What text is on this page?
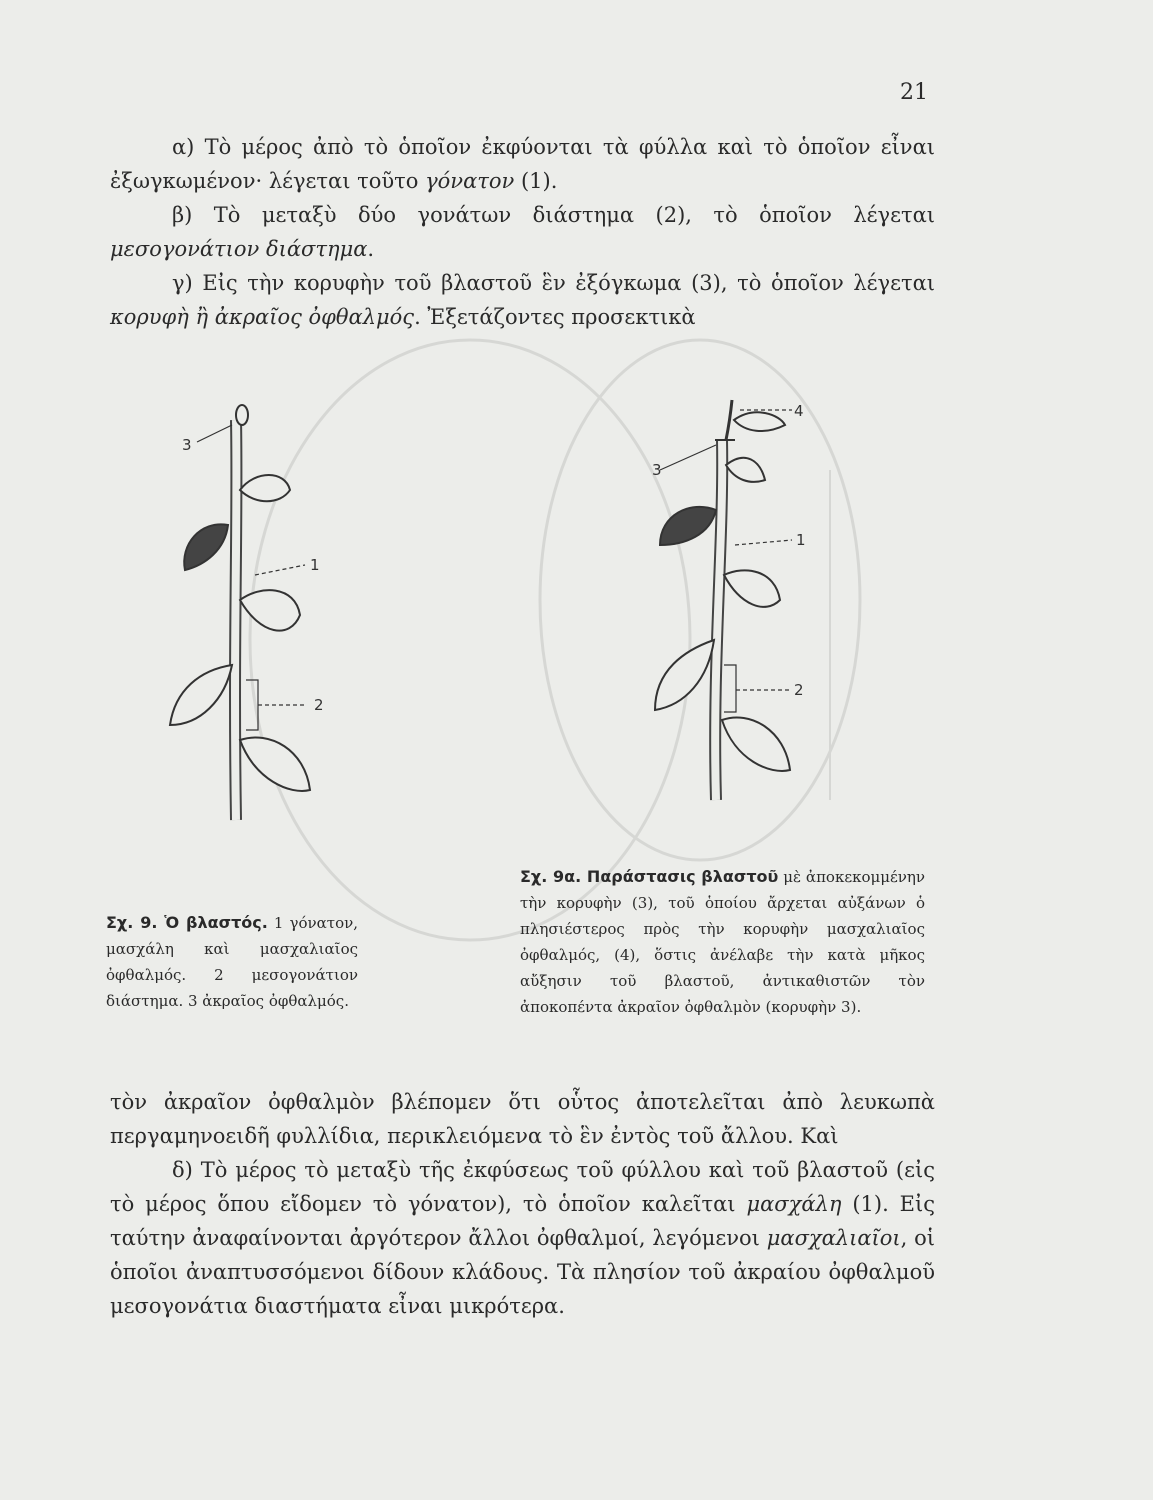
21

α) Τὸ μέρος ἀπὸ τὸ ὁποῖον ἐκφύονται τὰ φύλλα καὶ τὸ ὁποῖον εἶναι ἐξωγκωμένον· λέγεται τοῦτο γόνατον (1).

β) Τὸ μεταξὺ δύο γονάτων διάστημα (2), τὸ ὁποῖον λέγεται μεσογονάτιον διάστημα.

γ) Εἰς τὴν κορυφὴν τοῦ βλαστοῦ ἓν ἐξόγκωμα (3), τὸ ὁποῖον λέγεται κορυφὴ ἢ ἀκραῖος ὀφθαλμός. Ἐξετάζοντες προσεκτικὰ

3
1
2
4
3
1
2
Σχ. 9. Ὁ βλαστός. 1 γόνατον, μασχάλη καὶ μασχαλιαῖος ὀφθαλμός. 2 μεσογονάτιον διάστημα. 3 ἀκραῖος ὀφθαλμός.
Σχ. 9α. Παράστασις βλαστοῦ μὲ ἀποκεκομμένην τὴν κορυφὴν (3), τοῦ ὁποίου ἄρχεται αὐξάνων ὁ πλησιέστερος πρὸς τὴν κορυφὴν μασχαλιαῖος ὀφθαλμός, (4), ὅστις ἀνέλαβε τὴν κατὰ μῆκος αὔξησιν τοῦ βλαστοῦ, ἀντικαθιστῶν τὸν ἀποκοπέντα ἀκραῖον ὀφθαλμὸν (κορυφὴν 3).

τὸν ἀκραῖον ὀφθαλμὸν βλέπομεν ὅτι οὗτος ἀποτελεῖται ἀπὸ λευκωπὰ περγαμηνοειδῆ φυλλίδια, περικλειόμενα τὸ ἓν ἐντὸς τοῦ ἄλλου. Καὶ

δ) Τὸ μέρος τὸ μεταξὺ τῆς ἐκφύσεως τοῦ φύλλου καὶ τοῦ βλαστοῦ (εἰς τὸ μέρος ὅπου εἴδομεν τὸ γόνατον), τὸ ὁποῖον καλεῖται μασχάλη (1). Εἰς ταύτην ἀναφαίνονται ἀργότερον ἄλλοι ὀφθαλμοί, λεγόμενοι μασχαλιαῖοι, οἱ ὁποῖοι ἀναπτυσσόμενοι δίδουν κλάδους. Τὰ πλησίον τοῦ ἀκραίου ὀφθαλμοῦ μεσογονάτια διαστήματα εἶναι μικρότερα.
